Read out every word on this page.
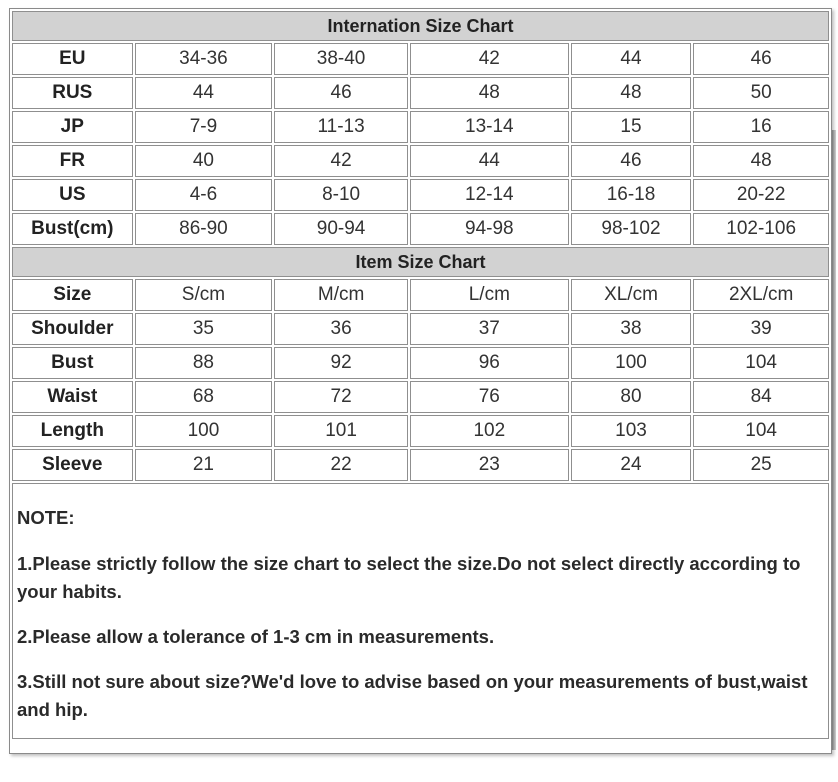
Internation Size Chart					
EU	34-36	38-40	42	44	46
RUS	44	46	48	48	50
JP	7-9	11-13	13-14	15	16
FR	40	42	44	46	48
US	4-6	8-10	12-14	16-18	20-22
Bust(cm)	86-90	90-94	94-98	98-102	102-106
Item Size Chart					
Size	S/cm	M/cm	L/cm	XL/cm	2XL/cm
Shoulder	35	36	37	38	39
Bust	88	92	96	100	104
Waist	68	72	76	80	84
Length	100	101	102	103	104
Sleeve	21	22	23	24	25

NOTE:

1.Please strictly follow the size chart to select the size.Do not select directly according to your habits.

2.Please allow a tolerance of 1-3 cm in measurements.

3.Still not sure about size?We'd love to advise based on your measurements of bust,waist and hip.
